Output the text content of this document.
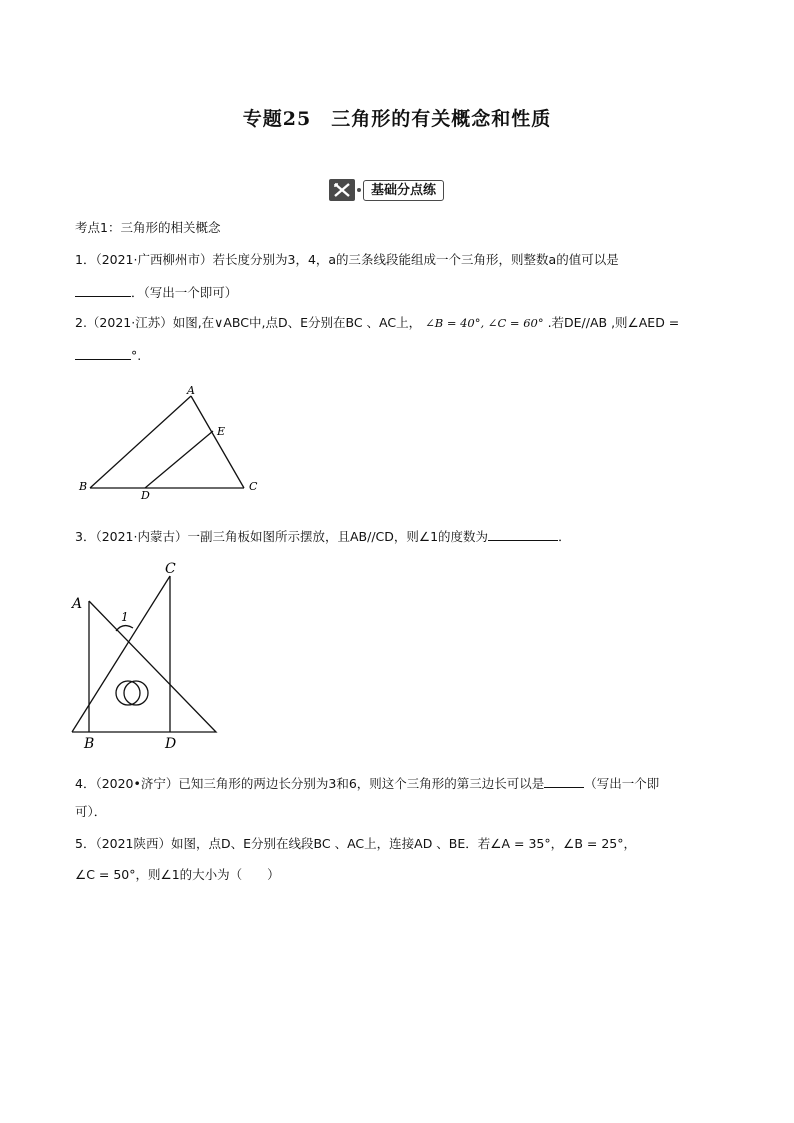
专题25　三角形的有关概念和性质
基础分点练
考点1：三角形的相关概念
1．（2021·广西柳州市）若长度分别为3，4，a的三条线段能组成一个三角形，则整数a的值可以是
．（写出一个即可）
2.（2021·江苏）如图,在∨ABC中,点D、E分别在BC 、AC上， ∠B = 40°, ∠C = 60° .若DE//AB ,则∠AED =
°.
A
B	C
D
E
3．（2021·内蒙古）一副三角板如图所示摆放，且AB//CD，则∠1的度数为	．
A
C
B	D
1
4．（2020•济宁）已知三角形的两边长分别为3和6，则这个三角形的第三边长可以是	（写出一个即
可）．
5．（2021陕西）如图，点D、E分别在线段BC 、AC上，连接AD 、BE．若∠A = 35°，∠B = 25°，
∠C = 50°，则∠1的大小为（　　）
